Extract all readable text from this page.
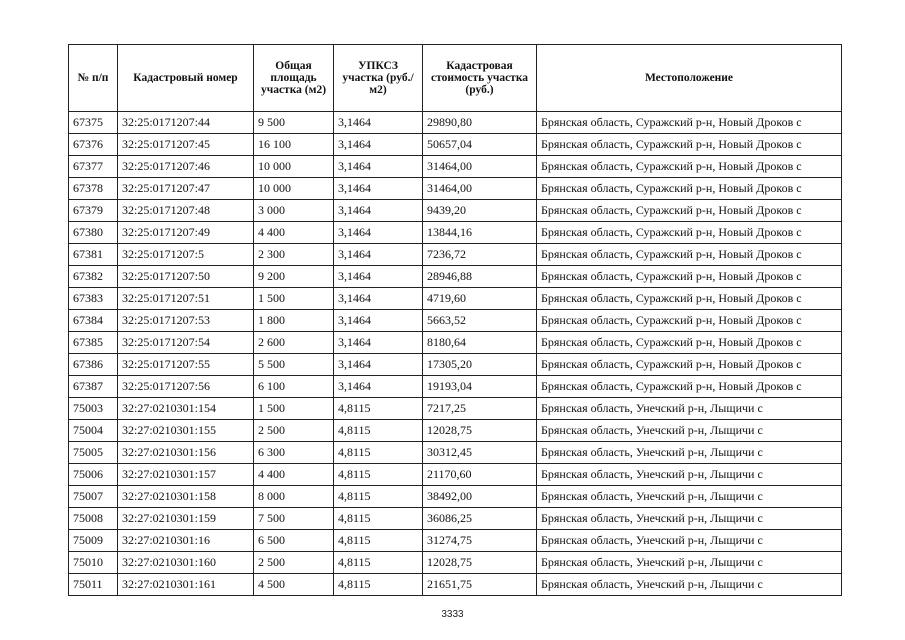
№ п/п	Кадастровый номер	Общая площадь участка (м2)	УПКСЗ участка (руб./м2)	Кадастровая стоимость участка (руб.)	Местоположение
67375	32:25:0171207:44	9 500	3,1464	29890,80	Брянская область, Суражский р-н, Новый Дроков с
67376	32:25:0171207:45	16 100	3,1464	50657,04	Брянская область, Суражский р-н, Новый Дроков с
67377	32:25:0171207:46	10 000	3,1464	31464,00	Брянская область, Суражский р-н, Новый Дроков с
67378	32:25:0171207:47	10 000	3,1464	31464,00	Брянская область, Суражский р-н, Новый Дроков с
67379	32:25:0171207:48	3 000	3,1464	9439,20	Брянская область, Суражский р-н, Новый Дроков с
67380	32:25:0171207:49	4 400	3,1464	13844,16	Брянская область, Суражский р-н, Новый Дроков с
67381	32:25:0171207:5	2 300	3,1464	7236,72	Брянская область, Суражский р-н, Новый Дроков с
67382	32:25:0171207:50	9 200	3,1464	28946,88	Брянская область, Суражский р-н, Новый Дроков с
67383	32:25:0171207:51	1 500	3,1464	4719,60	Брянская область, Суражский р-н, Новый Дроков с
67384	32:25:0171207:53	1 800	3,1464	5663,52	Брянская область, Суражский р-н, Новый Дроков с
67385	32:25:0171207:54	2 600	3,1464	8180,64	Брянская область, Суражский р-н, Новый Дроков с
67386	32:25:0171207:55	5 500	3,1464	17305,20	Брянская область, Суражский р-н, Новый Дроков с
67387	32:25:0171207:56	6 100	3,1464	19193,04	Брянская область, Суражский р-н, Новый Дроков с
75003	32:27:0210301:154	1 500	4,8115	7217,25	Брянская область, Унечский р-н, Лыщичи с
75004	32:27:0210301:155	2 500	4,8115	12028,75	Брянская область, Унечский р-н, Лыщичи с
75005	32:27:0210301:156	6 300	4,8115	30312,45	Брянская область, Унечский р-н, Лыщичи с
75006	32:27:0210301:157	4 400	4,8115	21170,60	Брянская область, Унечский р-н, Лыщичи с
75007	32:27:0210301:158	8 000	4,8115	38492,00	Брянская область, Унечский р-н, Лыщичи с
75008	32:27:0210301:159	7 500	4,8115	36086,25	Брянская область, Унечский р-н, Лыщичи с
75009	32:27:0210301:16	6 500	4,8115	31274,75	Брянская область, Унечский р-н, Лыщичи с
75010	32:27:0210301:160	2 500	4,8115	12028,75	Брянская область, Унечский р-н, Лыщичи с
75011	32:27:0210301:161	4 500	4,8115	21651,75	Брянская область, Унечский р-н, Лыщичи с
3333
